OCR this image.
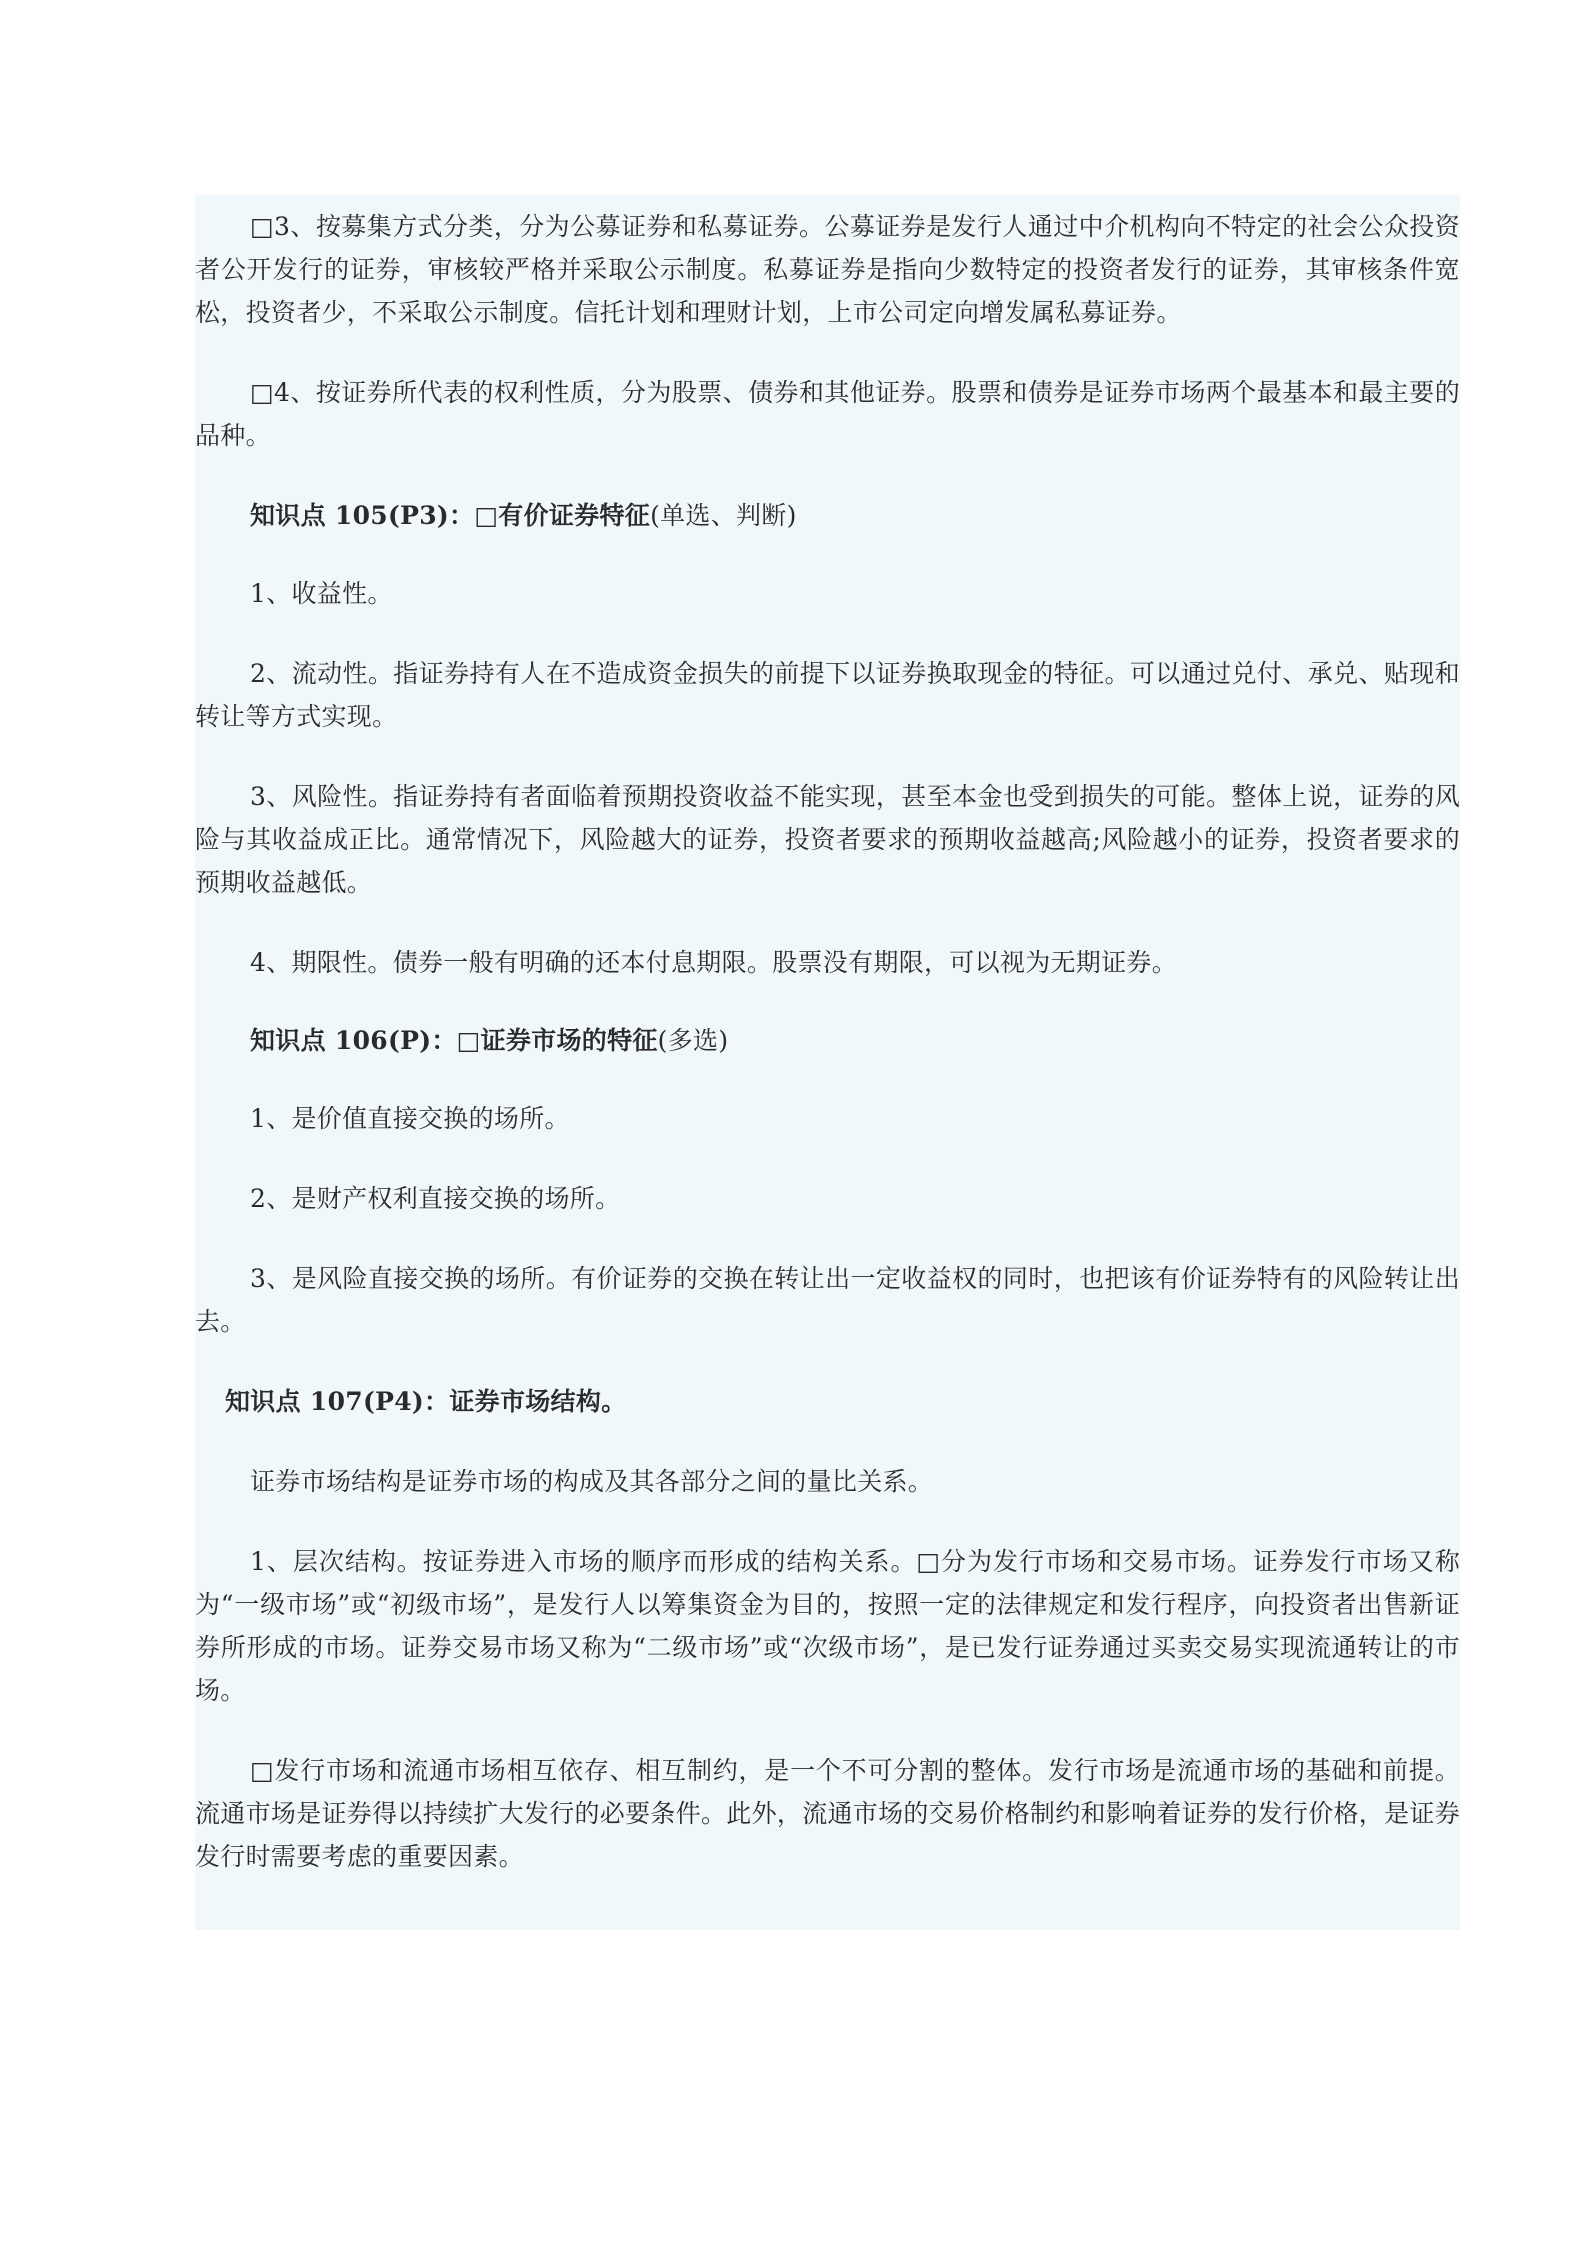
□3、按募集方式分类，分为公募证券和私募证券。公募证券是发行人通过中介机构向不特定的社会公众投资者公开发行的证券，审核较严格并采取公示制度。私募证券是指向少数特定的投资者发行的证券，其审核条件宽松，投资者少，不采取公示制度。信托计划和理财计划，上市公司定向增发属私募证券。

□4、按证券所代表的权利性质，分为股票、债券和其他证券。股票和债券是证券市场两个最基本和最主要的品种。

知识点 105(P3)：□有价证券特征(单选、判断)

1、收益性。

2、流动性。指证券持有人在不造成资金损失的前提下以证券换取现金的特征。可以通过兑付、承兑、贴现和转让等方式实现。

3、风险性。指证券持有者面临着预期投资收益不能实现，甚至本金也受到损失的可能。整体上说，证券的风险与其收益成正比。通常情况下，风险越大的证券，投资者要求的预期收益越高;风险越小的证券，投资者要求的预期收益越低。

4、期限性。债券一般有明确的还本付息期限。股票没有期限，可以视为无期证券。

知识点 106(P)：□证券市场的特征(多选)

1、是价值直接交换的场所。

2、是财产权利直接交换的场所。

3、是风险直接交换的场所。有价证券的交换在转让出一定收益权的同时，也把该有价证券特有的风险转让出去。

知识点 107(P4)：证券市场结构。

证券市场结构是证券市场的构成及其各部分之间的量比关系。

1、层次结构。按证券进入市场的顺序而形成的结构关系。□分为发行市场和交易市场。证券发行市场又称为“一级市场”或“初级市场”，是发行人以筹集资金为目的，按照一定的法律规定和发行程序，向投资者出售新证券所形成的市场。证券交易市场又称为“二级市场”或“次级市场”，是已发行证券通过买卖交易实现流通转让的市场。

□发行市场和流通市场相互依存、相互制约，是一个不可分割的整体。发行市场是流通市场的基础和前提。流通市场是证券得以持续扩大发行的必要条件。此外，流通市场的交易价格制约和影响着证券的发行价格，是证券发行时需要考虑的重要因素。
